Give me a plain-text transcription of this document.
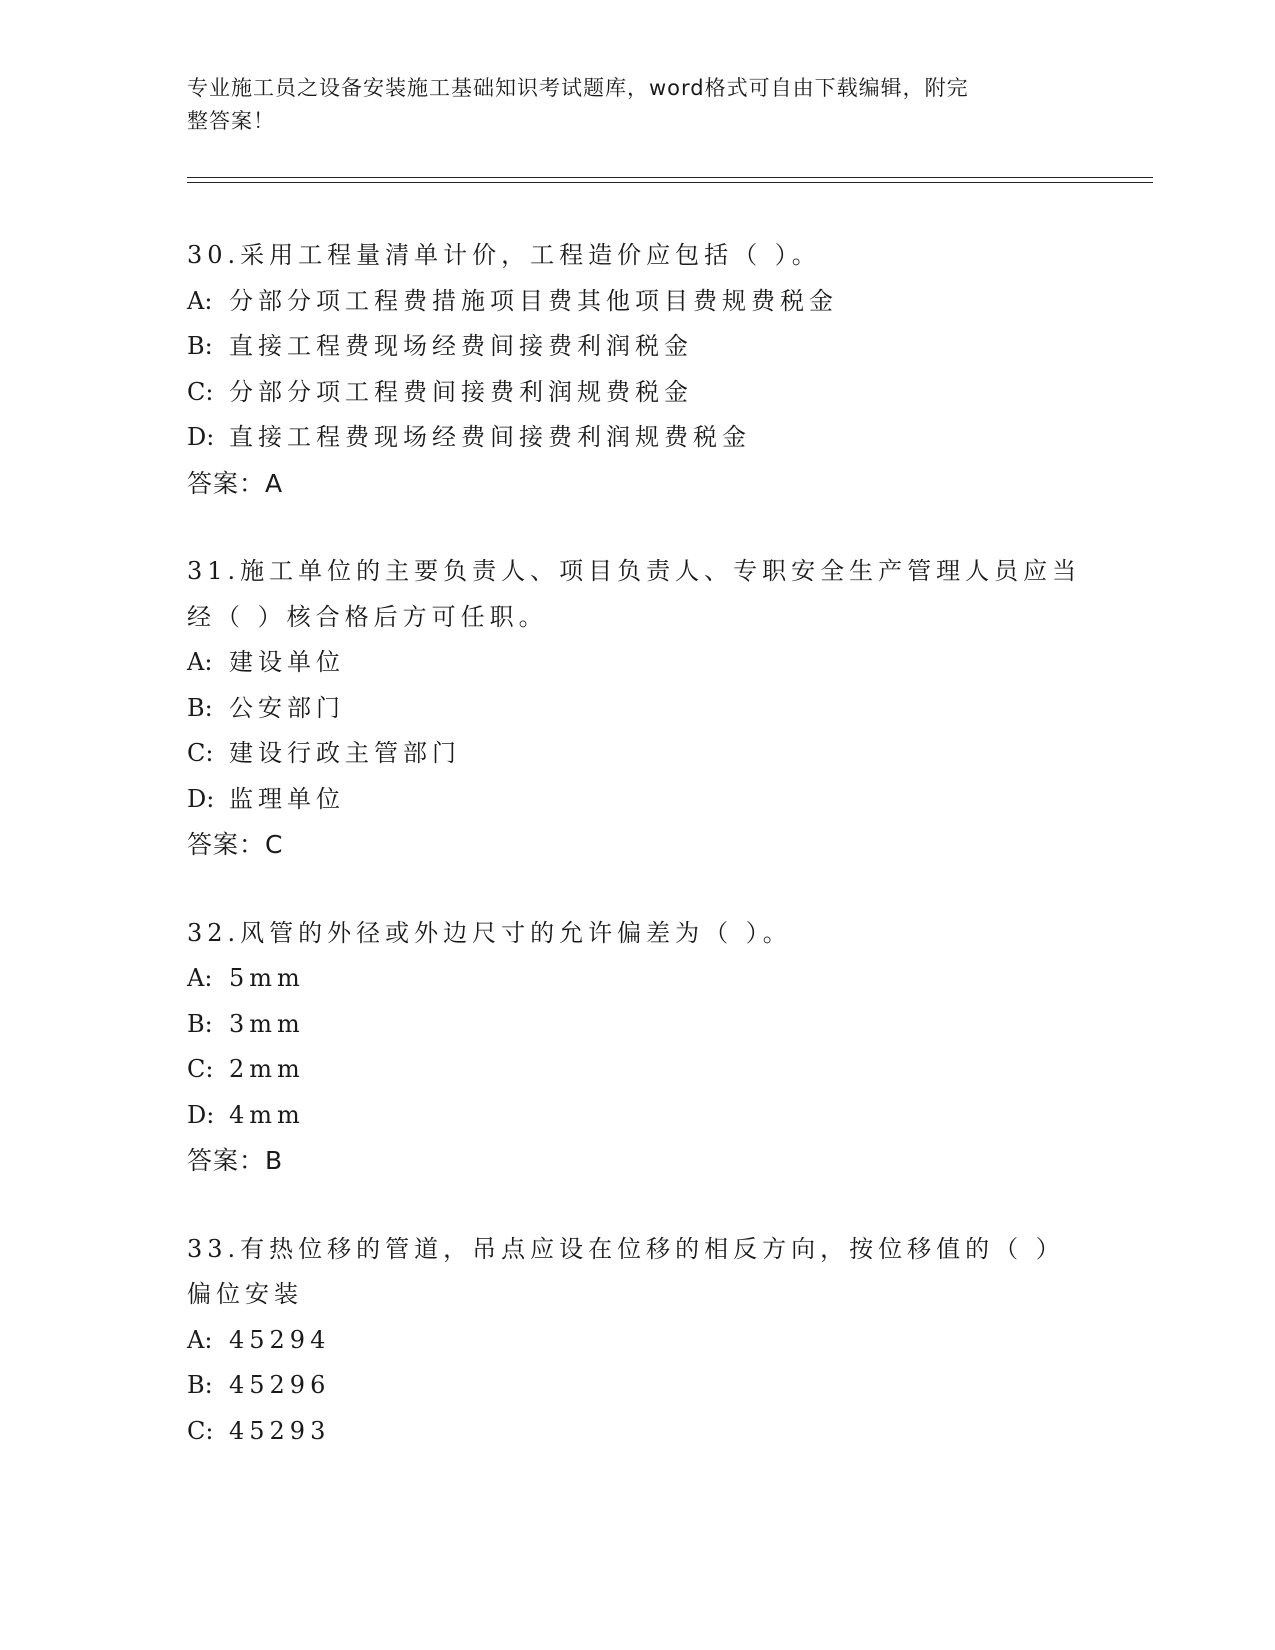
专业施工员之设备安装施工基础知识考试题库，word格式可自由下载编辑，附完
整答案！
30.采用工程量清单计价，工程造价应包括（ ）。
A: 分部分项工程费措施项目费其他项目费规费税金
B: 直接工程费现场经费间接费利润税金
C: 分部分项工程费间接费利润规费税金
D: 直接工程费现场经费间接费利润规费税金
答案：A
31.施工单位的主要负责人、项目负责人、专职安全生产管理人员应当
经（ ）核合格后方可任职。
A: 建设单位
B: 公安部门
C: 建设行政主管部门
D: 监理单位
答案：C
32.风管的外径或外边尺寸的允许偏差为（ ）。
A: 5mm
B: 3mm
C: 2mm
D: 4mm
答案：B
33.有热位移的管道，吊点应设在位移的相反方向，按位移值的（ ）
偏位安装
A: 45294
B: 45296
C: 45293
